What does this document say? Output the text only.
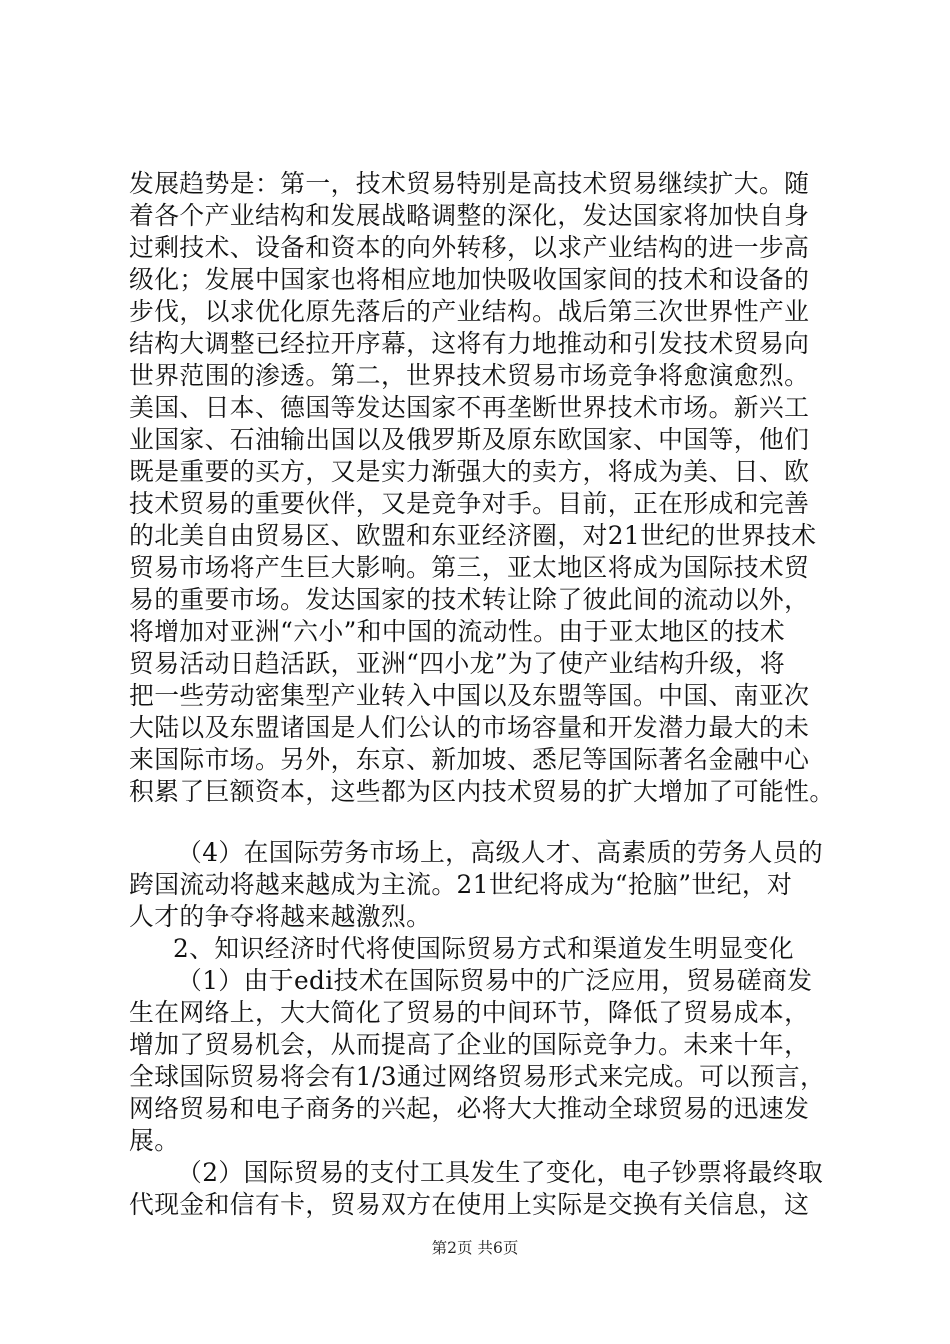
发展趋势是：第一，技术贸易特别是高技术贸易继续扩大。随
着各个产业结构和发展战略调整的深化，发达国家将加快自身
过剩技术、设备和资本的向外转移，以求产业结构的进一步高
级化；发展中国家也将相应地加快吸收国家间的技术和设备的
步伐，以求优化原先落后的产业结构。战后第三次世界性产业
结构大调整已经拉开序幕，这将有力地推动和引发技术贸易向
世界范围的渗透。第二，世界技术贸易市场竞争将愈演愈烈。
美国、日本、德国等发达国家不再垄断世界技术市场。新兴工
业国家、石油输出国以及俄罗斯及原东欧国家、中国等，他们
既是重要的买方，又是实力渐强大的卖方，将成为美、日、欧
技术贸易的重要伙伴，又是竞争对手。目前，正在形成和完善
的北美自由贸易区、欧盟和东亚经济圈，对21世纪的世界技术
贸易市场将产生巨大影响。第三，亚太地区将成为国际技术贸
易的重要市场。发达国家的技术转让除了彼此间的流动以外，
将增加对亚洲“六小”和中国的流动性。由于亚太地区的技术
贸易活动日趋活跃，亚洲“四小龙”为了使产业结构升级，将
把一些劳动密集型产业转入中国以及东盟等国。中国、南亚次
大陆以及东盟诸国是人们公认的市场容量和开发潜力最大的未
来国际市场。另外，东京、新加坡、悉尼等国际著名金融中心
积累了巨额资本，这些都为区内技术贸易的扩大增加了可能性。
（4）在国际劳务市场上，高级人才、高素质的劳务人员的
跨国流动将越来越成为主流。21世纪将成为“抢脑”世纪，对
人才的争夺将越来越激烈。
2、知识经济时代将使国际贸易方式和渠道发生明显变化
（1）由于edi技术在国际贸易中的广泛应用，贸易磋商发
生在网络上，大大简化了贸易的中间环节，降低了贸易成本，
增加了贸易机会，从而提高了企业的国际竞争力。未来十年，
全球国际贸易将会有1/3通过网络贸易形式来完成。可以预言，
网络贸易和电子商务的兴起，必将大大推动全球贸易的迅速发
展。
（2）国际贸易的支付工具发生了变化，电子钞票将最终取
代现金和信有卡，贸易双方在使用上实际是交换有关信息，这
第2页 共6页
